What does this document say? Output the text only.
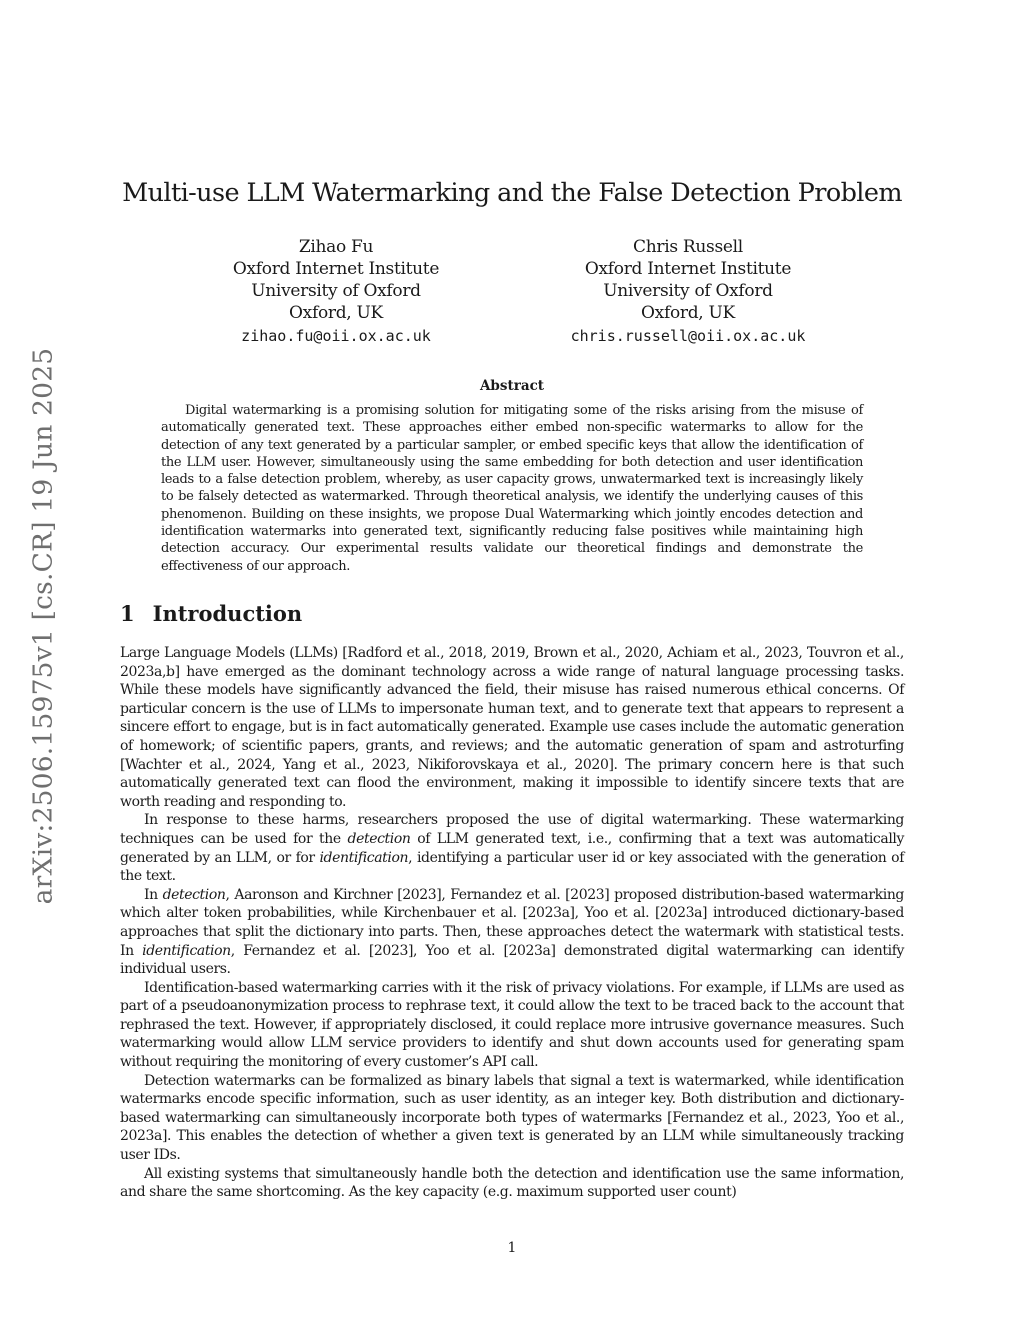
arXiv:2506.15975v1 [cs.CR] 19 Jun 2025
Multi-use LLM Watermarking and the False Detection Problem
Zihao Fu
Oxford Internet Institute
University of Oxford
Oxford, UK
zihao.fu@oii.ox.ac.uk
Chris Russell
Oxford Internet Institute
University of Oxford
Oxford, UK
chris.russell@oii.ox.ac.uk
Abstract
Digital watermarking is a promising solution for mitigating some of the risks arising from the misuse of automatically generated text. These approaches either embed non-specific watermarks to allow for the detection of any text generated by a particular sampler, or embed specific keys that allow the identification of the LLM user. However, simultaneously using the same embedding for both detection and user identification leads to a false detection problem, whereby, as user capacity grows, unwatermarked text is increasingly likely to be falsely detected as watermarked. Through theoretical analysis, we identify the underlying causes of this phenomenon. Building on these insights, we propose Dual Watermarking which jointly encodes detection and identification watermarks into generated text, significantly reducing false positives while maintaining high detection accuracy. Our experimental results validate our theoretical findings and demonstrate the effectiveness of our approach.
1 Introduction

Large Language Models (LLMs) [Radford et al., 2018, 2019, Brown et al., 2020, Achiam et al., 2023, Touvron et al., 2023a,b] have emerged as the dominant technology across a wide range of natural language processing tasks. While these models have significantly advanced the field, their misuse has raised numerous ethical concerns. Of particular concern is the use of LLMs to impersonate human text, and to generate text that appears to represent a sincere effort to engage, but is in fact automatically generated. Example use cases include the automatic generation of homework; of scientific papers, grants, and reviews; and the automatic generation of spam and astroturfing [Wachter et al., 2024, Yang et al., 2023, Nikiforovskaya et al., 2020]. The primary concern here is that such automatically generated text can flood the environment, making it impossible to identify sincere texts that are worth reading and responding to.

In response to these harms, researchers proposed the use of digital watermarking. These watermarking techniques can be used for the detection of LLM generated text, i.e., confirming that a text was automatically generated by an LLM, or for identification, identifying a particular user id or key associated with the generation of the text.

In detection, Aaronson and Kirchner [2023], Fernandez et al. [2023] proposed distribution-based watermarking which alter token probabilities, while Kirchenbauer et al. [2023a], Yoo et al. [2023a] introduced dictionary-based approaches that split the dictionary into parts. Then, these approaches detect the watermark with statistical tests. In identification, Fernandez et al. [2023], Yoo et al. [2023a] demonstrated digital watermarking can identify individual users.

Identification-based watermarking carries with it the risk of privacy violations. For example, if LLMs are used as part of a pseudoanonymization process to rephrase text, it could allow the text to be traced back to the account that rephrased the text. However, if appropriately disclosed, it could replace more intrusive governance measures. Such watermarking would allow LLM service providers to identify and shut down accounts used for generating spam without requiring the monitoring of every customer’s API call.

Detection watermarks can be formalized as binary labels that signal a text is watermarked, while identification watermarks encode specific information, such as user identity, as an integer key. Both distribution and dictionary-based watermarking can simultaneously incorporate both types of watermarks [Fernandez et al., 2023, Yoo et al., 2023a]. This enables the detection of whether a given text is generated by an LLM while simultaneously tracking user IDs.

All existing systems that simultaneously handle both the detection and identification use the same information, and share the same shortcoming. As the key capacity (e.g. maximum supported user count)

1
